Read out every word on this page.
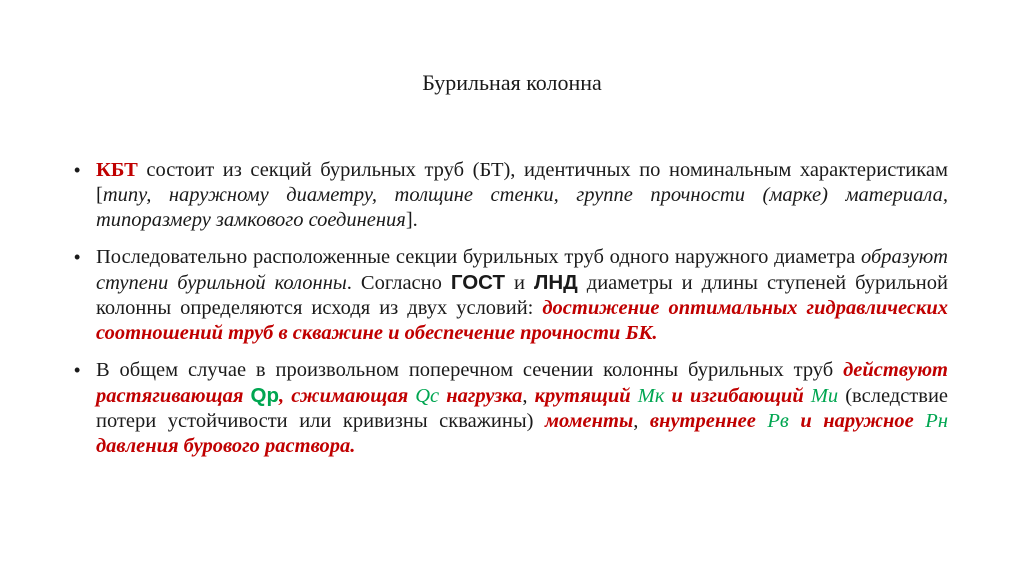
Бурильная колонна
• КБТ состоит из секций бурильных труб (БТ), идентичных по номинальным характеристикам [типу, наружному диаметру, толщине стенки, группе прочности (марке) материала, типоразмеру замкового соединения].
• Последовательно расположенные секции бурильных труб одного наружного диаметра образуют ступени бурильной колонны. Согласно ГОСТ и ЛНД диаметры и длины ступеней бурильной колонны определяются исходя из двух условий: достижение оптимальных гидравлических соотношений труб в скважине и обеспечение прочности БК.
• В общем случае в произвольном поперечном сечении колонны бурильных труб действуют растягивающая Qр, сжимающая Qс нагрузка, крутящий Мк и изгибающий Ми (вследствие потери устойчивости или кривизны скважины) моменты, внутреннее Рв и наружное Рн давления бурового раствора.
